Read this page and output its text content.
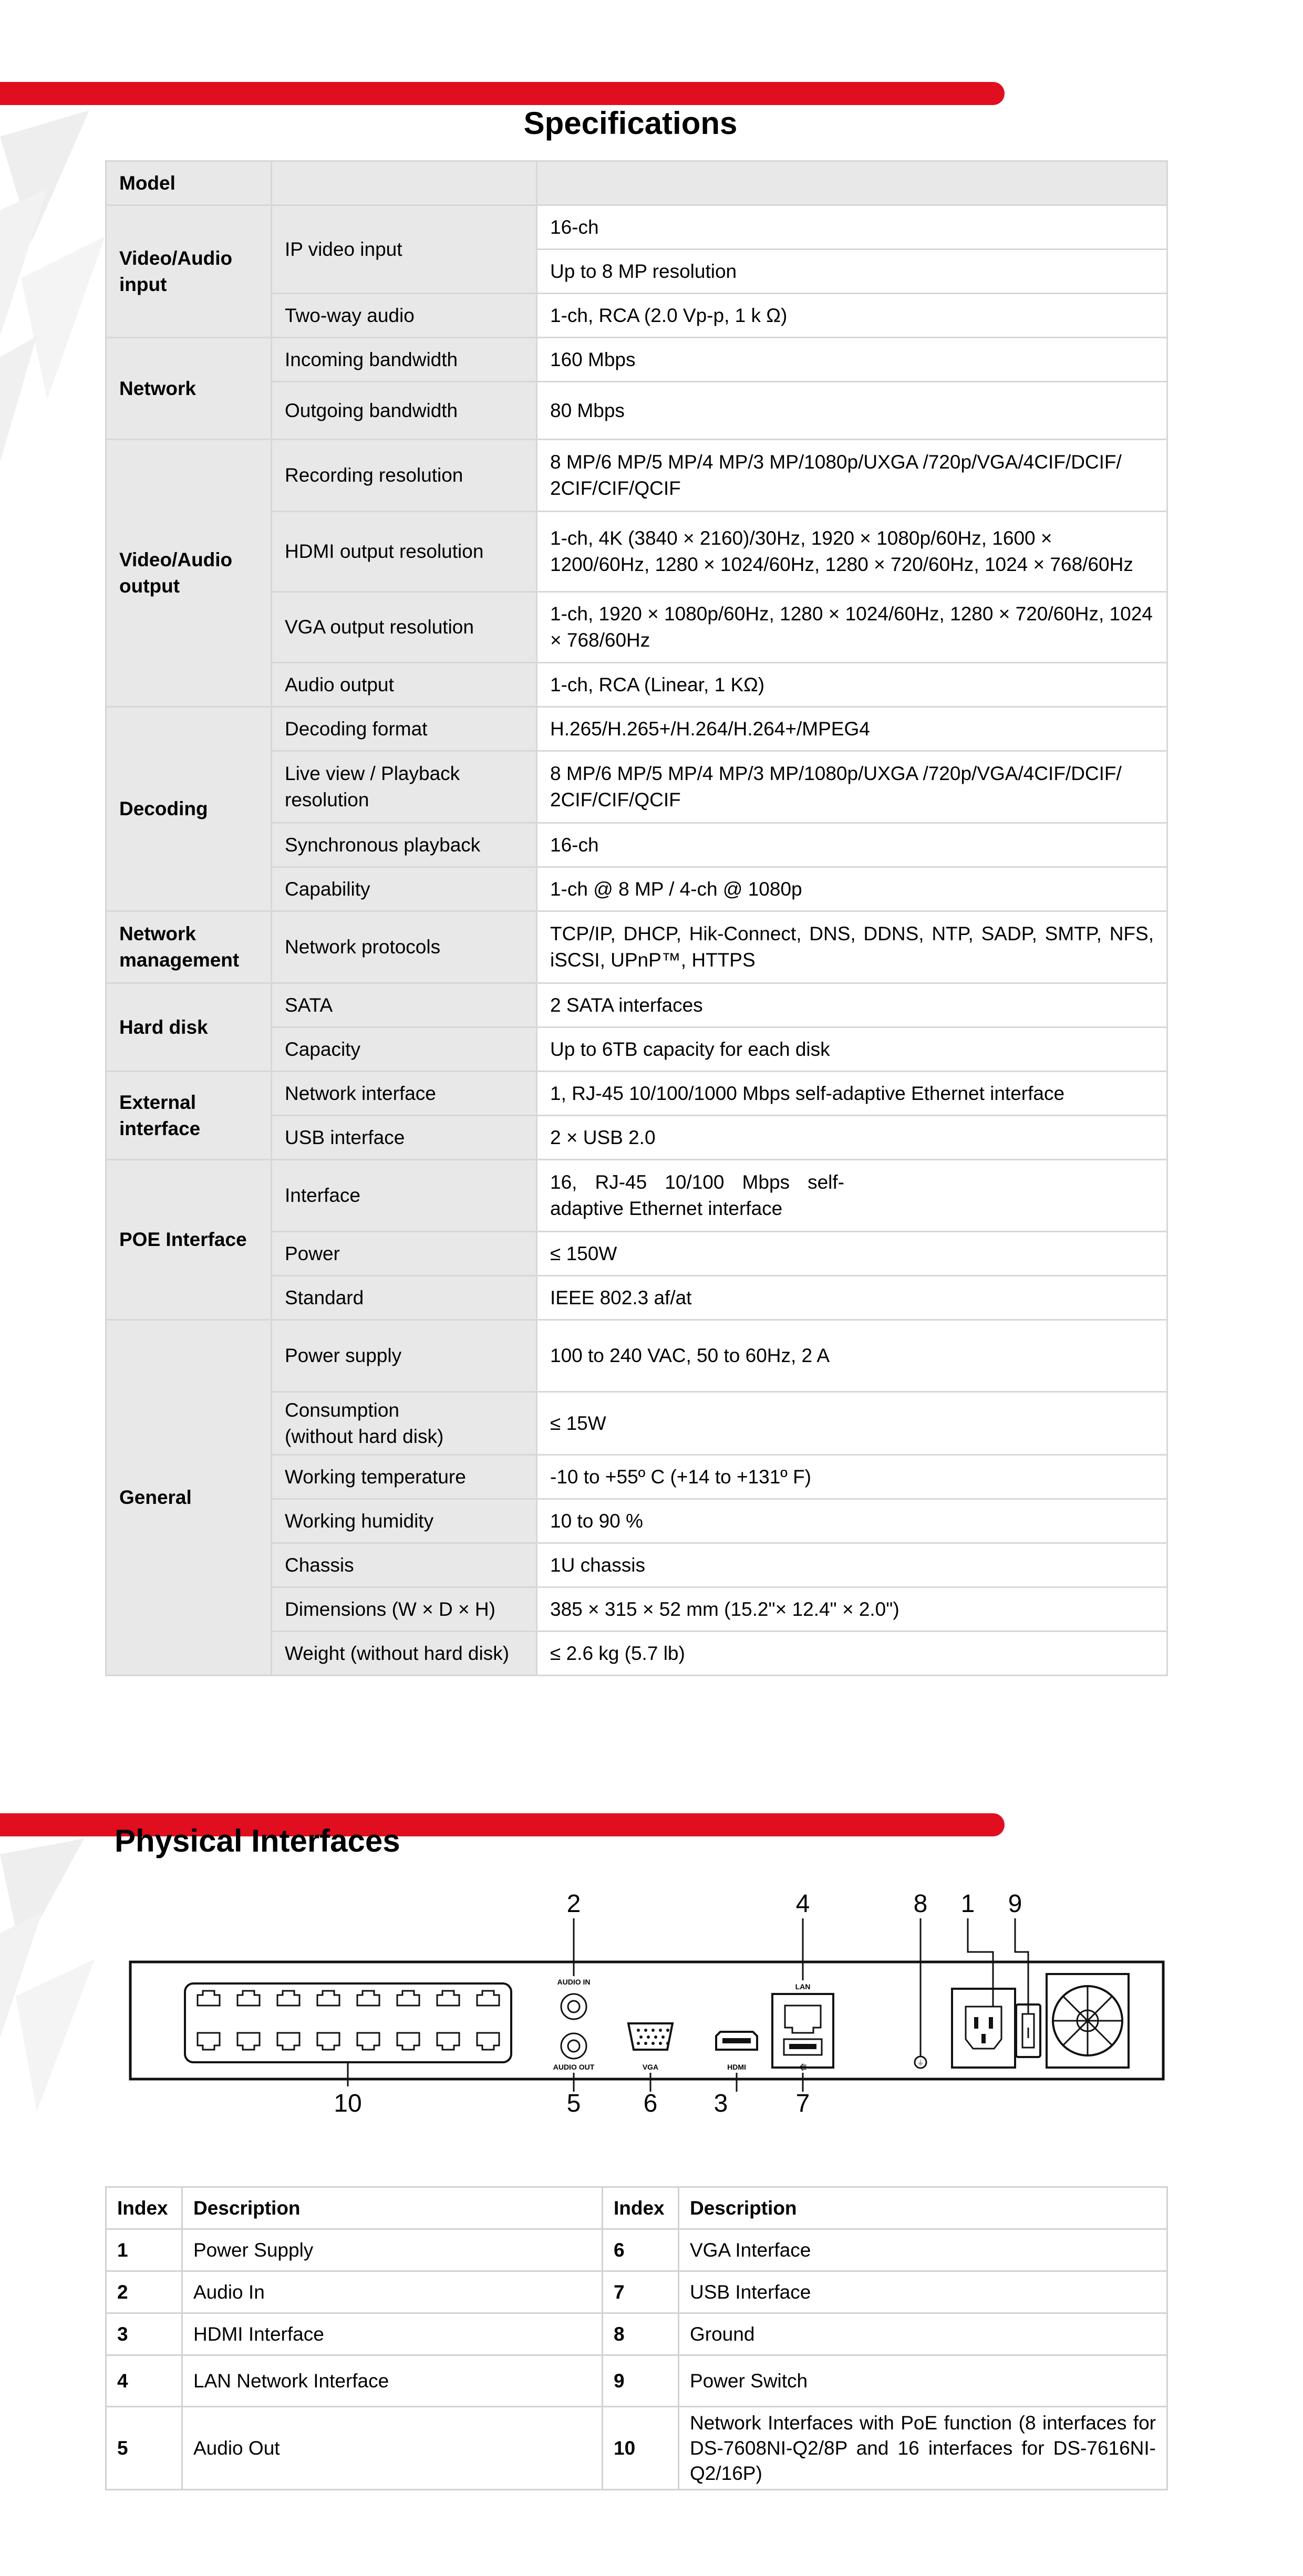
Specifications
Model		
Video/Audio input	IP video input	16-ch
		Up to 8 MP resolution
	Two-way audio	1-ch, RCA (2.0 Vp-p, 1 k Ω)
Network	Incoming bandwidth	160 Mbps
	Outgoing bandwidth	80 Mbps
Video/Audio output	Recording resolution	8 MP/6 MP/5 MP/4 MP/3 MP/1080p/UXGA /720p/VGA/4CIF/DCIF/ 2CIF/CIF/QCIF
	HDMI output resolution	1-ch, 4K (3840 × 2160)/30Hz, 1920 × 1080p/60Hz, 1600 × 1200/60Hz, 1280 × 1024/60Hz, 1280 × 720/60Hz, 1024 × 768/60Hz
	VGA output resolution	1-ch, 1920 × 1080p/60Hz, 1280 × 1024/60Hz, 1280 × 720/60Hz, 1024 × 768/60Hz
	Audio output	1-ch, RCA (Linear, 1 KΩ)
Decoding	Decoding format	H.265/H.265+/H.264/H.264+/MPEG4
	Live view / Playback resolution	8 MP/6 MP/5 MP/4 MP/3 MP/1080p/UXGA /720p/VGA/4CIF/DCIF/ 2CIF/CIF/QCIF
	Synchronous playback	16-ch
	Capability	1-ch @ 8 MP / 4-ch @ 1080p
Network management	Network protocols	TCP/IP, DHCP, Hik-Connect, DNS, DDNS, NTP, SADP, SMTP, NFS, iSCSI, UPnP™, HTTPS
Hard disk	SATA	2 SATA interfaces
	Capacity	Up to 6TB capacity for each disk
External interface	Network interface	1, RJ-45 10/100/1000 Mbps self-adaptive Ethernet interface
	USB interface	2 × USB 2.0
POE Interface	Interface	16, RJ-45 10/100 Mbps self-adaptive Ethernet interface

	Power	≤ 150W
	Standard	IEEE 802.3 af/at
General	Power supply	100 to 240 VAC, 50 to 60Hz, 2 A

	Consumption (without hard disk)	≤ 15W
	Working temperature	-10 to +55º C (+14 to +131º F)
	Working humidity	10 to 90 %
	Chassis	1U chassis
	Dimensions (W × D × H)	385 × 315 × 52 mm (15.2"× 12.4" × 2.0")
	Weight (without hard disk)	≤ 2.6 kg (5.7 lb)
Physical Interfaces
AUDIO IN
AUDIO OUT	VGA	HDMI
LAN
⭅
⏚
2	4	8 1 9
10	5 6 3	7
Index	Description	Index	Description
1	Power Supply	6	VGA Interface
2	Audio In	7	USB Interface
3	HDMI Interface	8	Ground
4	LAN Network Interface	9	Power Switch
5	Audio Out	10	Network Interfaces with PoE function (8 interfaces for DS-7608NI-Q2/8P and 16 interfaces for DS-7616NI-Q2/16P)
